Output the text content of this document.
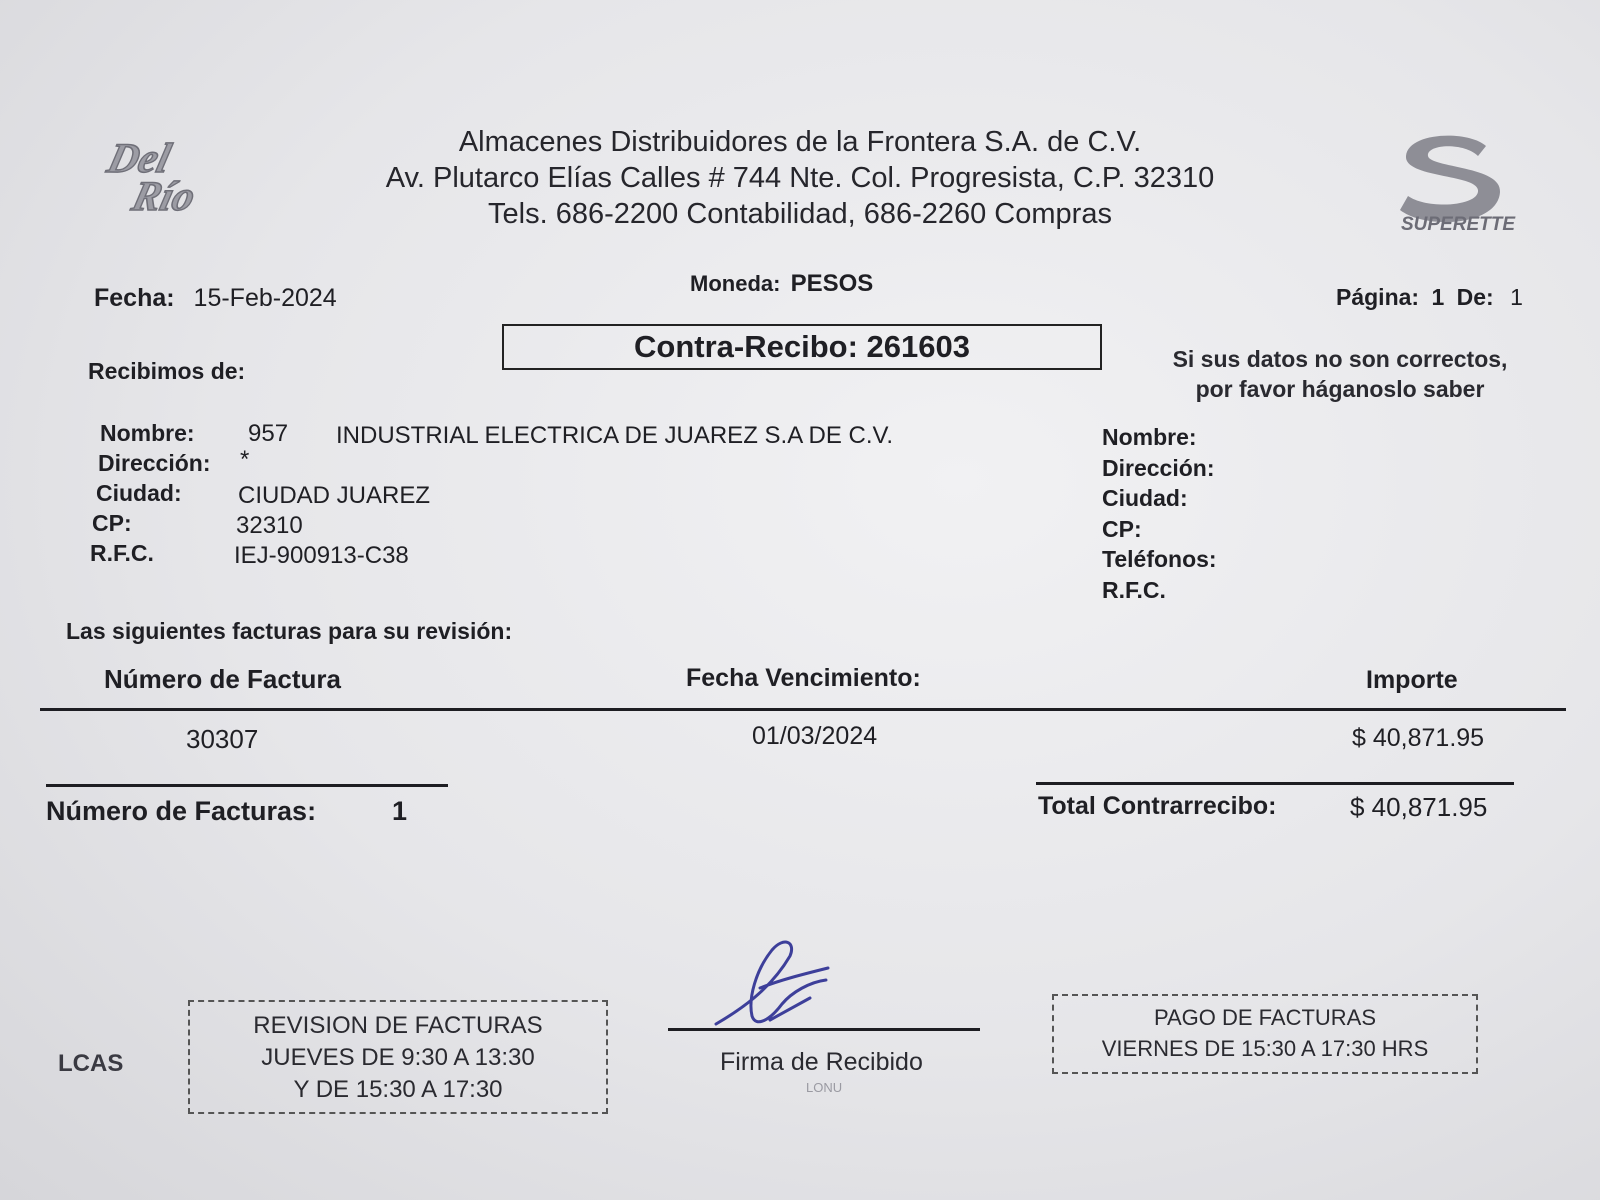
Del
Río
SUPERETTE
Almacenes Distribuidores de la Frontera S.A. de C.V.
Av. Plutarco Elías Calles # 744 Nte. Col. Progresista, C.P. 32310
Tels. 686-2200 Contabilidad, 686-2260 Compras
Fecha: 15-Feb-2024
Moneda: PESOS	Página: 1 De: 1
Contra-Recibo: 261603
Recibimos de:	Si sus datos no son correctos,
por favor háganoslo saber
Nombre: 957 INDUSTRIAL ELECTRICA DE JUAREZ S.A DE C.V.
Dirección: *
Ciudad: CIUDAD JUAREZ
CP:	32310
R.F.C.	IEJ-900913-C38
Nombre:
Dirección:
Ciudad:
CP:
Teléfonos:
R.F.C.
Las siguientes facturas para su revisión:
Número de Factura	Fecha Vencimiento:	Importe
30307	01/03/2024	$ 40,871.95
Número de Facturas:	1	Total Contrarrecibo:	$ 40,871.95
LCAS
REVISION DE FACTURAS
JUEVES DE 9:30 A 13:30
Y DE 15:30 A 17:30
Firma de Recibido
LONU
PAGO DE FACTURAS
VIERNES DE 15:30 A 17:30 HRS
